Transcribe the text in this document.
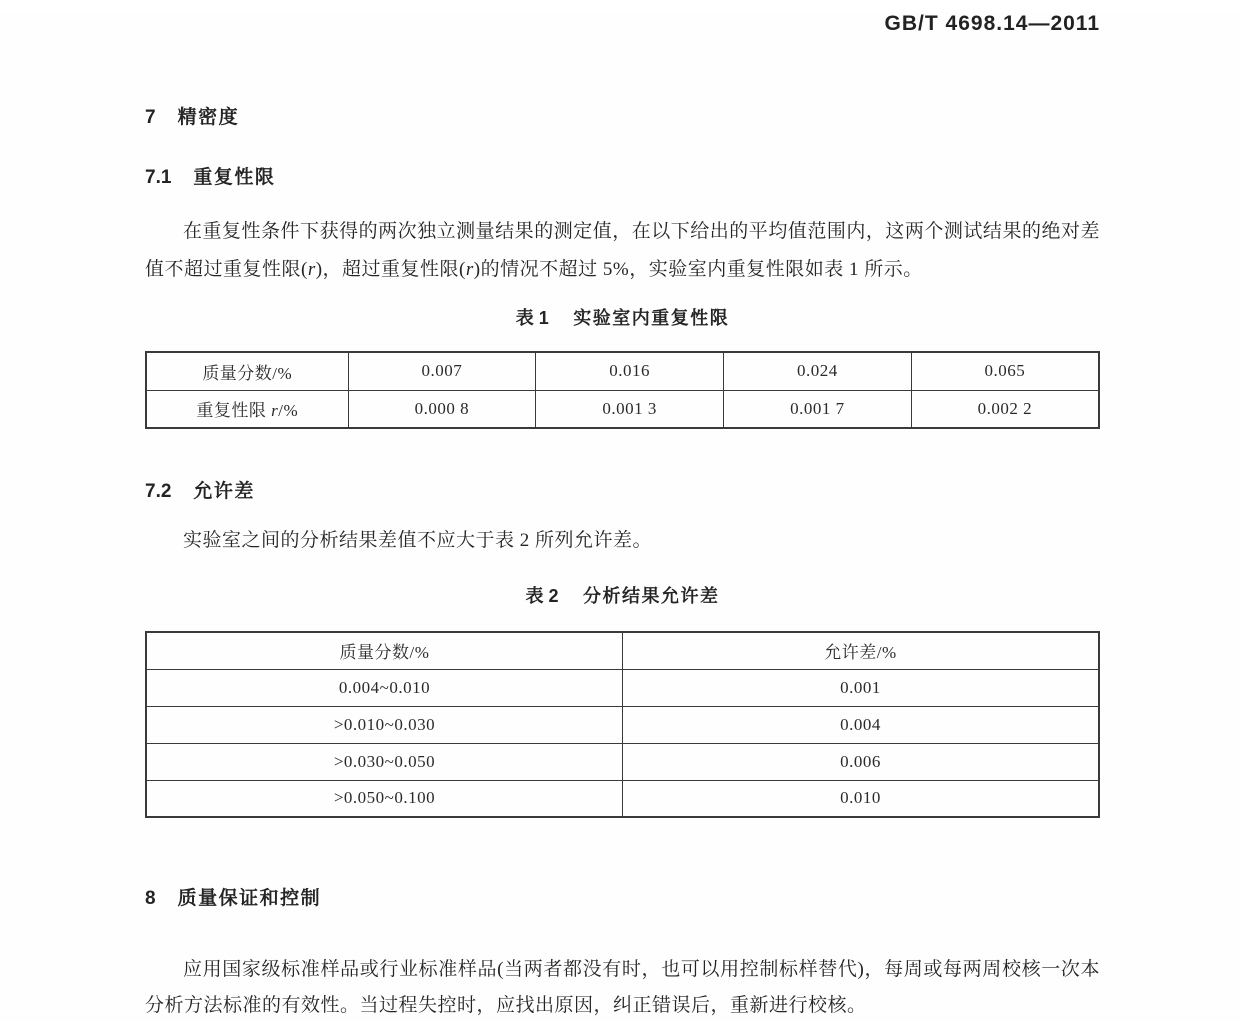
GB/T 4698.14—2011
7 精密度
7.1 重复性限

在重复性条件下获得的两次独立测量结果的测定值，在以下给出的平均值范围内，这两个测试结果的绝对差值不超过重复性限(r)，超过重复性限(r)的情况不超过 5%，实验室内重复性限如表 1 所示。

表 1 实验室内重复性限
质量分数/%	0.007	0.016	0.024	0.065
重复性限 r/%	0.000 8	0.001 3	0.001 7	0.002 2
7.2 允许差

实验室之间的分析结果差值不应大于表 2 所列允许差。

表 2 分析结果允许差
质量分数/%	允许差/%
0.004~0.010	0.001
>0.010~0.030	0.004
>0.030~0.050	0.006
>0.050~0.100	0.010
8 质量保证和控制

应用国家级标准样品或行业标准样品(当两者都没有时，也可以用控制标样替代)，每周或每两周校核一次本分析方法标准的有效性。当过程失控时，应找出原因，纠正错误后，重新进行校核。
